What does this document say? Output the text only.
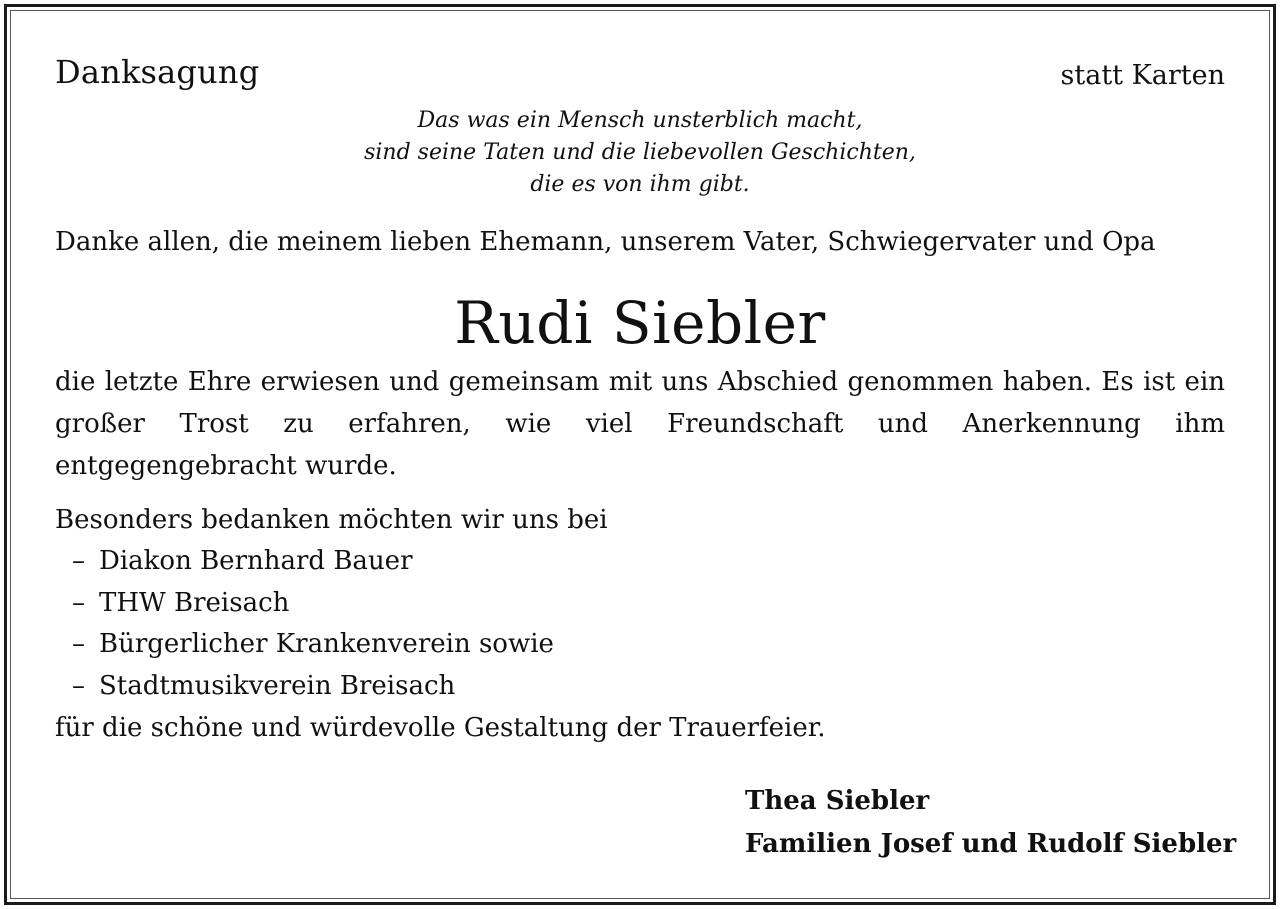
Danksagung	statt Karten
Das was ein Mensch unsterblich macht,
sind seine Taten und die liebevollen Geschichten,
die es von ihm gibt.
Danke allen, die meinem lieben Ehemann, unserem Vater, Schwiegervater und Opa
Rudi Siebler
die letzte Ehre erwiesen und gemeinsam mit uns Abschied genommen haben. Es ist ein großer Trost zu erfahren, wie viel Freundschaft und Anerkennung ihm entgegengebracht wurde.
Besonders bedanken möchten wir uns bei
– Diakon Bernhard Bauer
– THW Breisach
– Bürgerlicher Krankenverein sowie
– Stadtmusikverein Breisach
für die schöne und würdevolle Gestaltung der Trauerfeier.
Thea Siebler
Familien Josef und Rudolf Siebler
